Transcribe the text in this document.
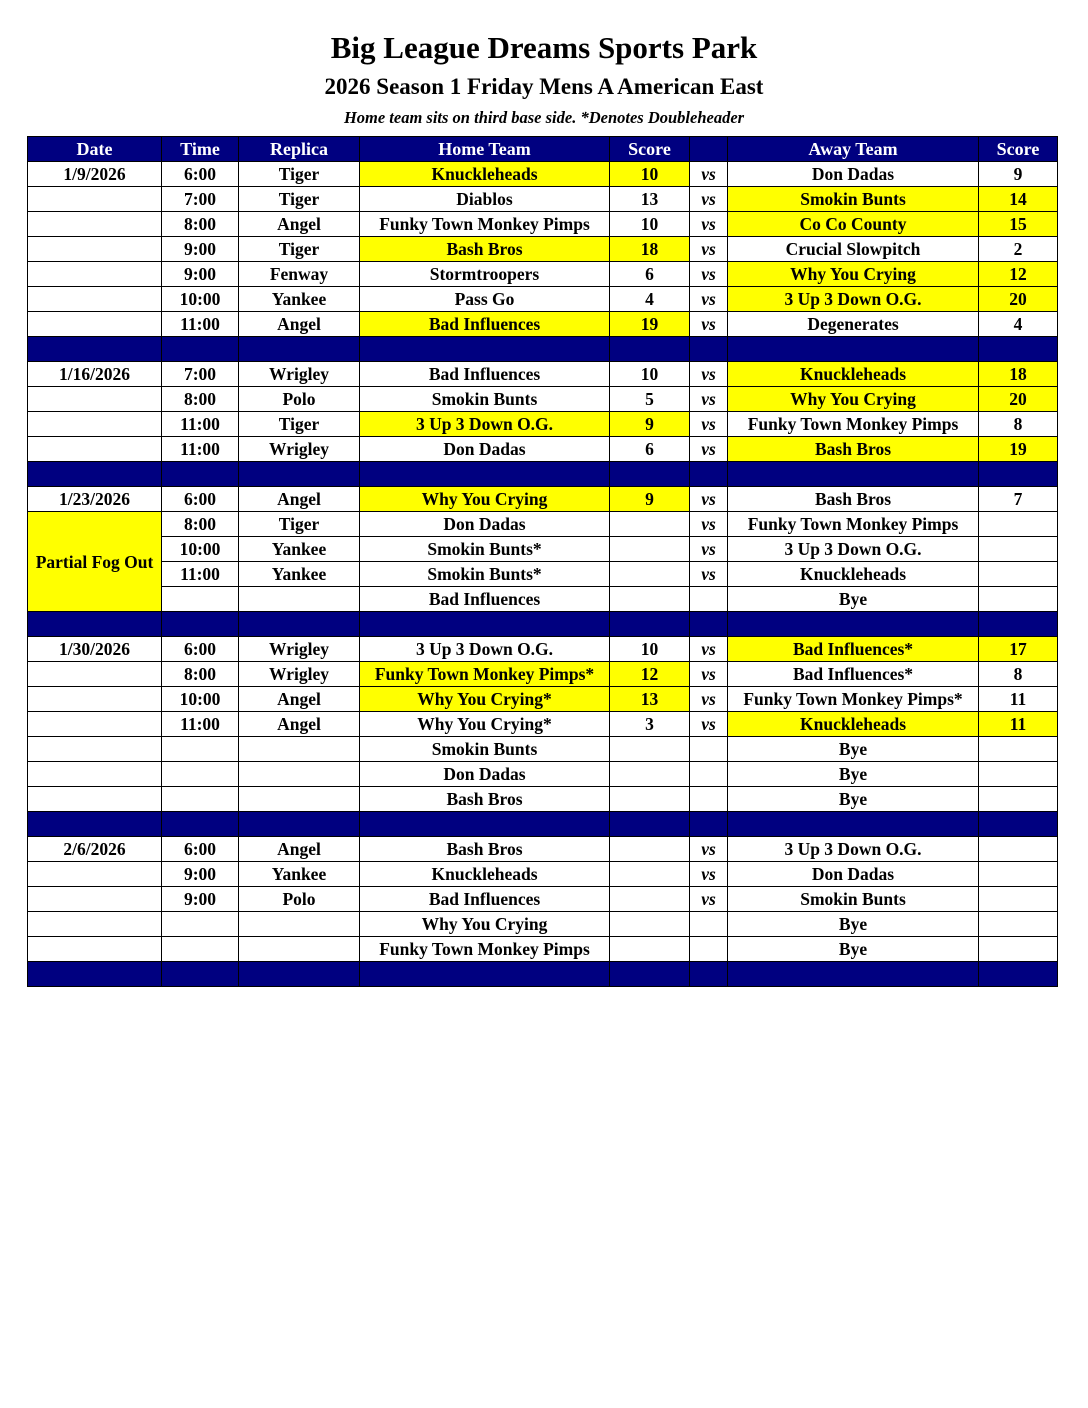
Big League Dreams Sports Park
2026 Season 1 Friday Mens A American East
Home team sits on third base side. *Denotes Doubleheader
Date	Time	Replica	Home Team	Score		Away Team	Score
1/9/2026	6:00	Tiger	Knuckleheads	10	vs	Don Dadas	9
	7:00	Tiger	Diablos	13	vs	Smokin Bunts	14
	8:00	Angel	Funky Town Monkey Pimps	10	vs	Co Co County	15
	9:00	Tiger	Bash Bros	18	vs	Crucial Slowpitch	2
	9:00	Fenway	Stormtroopers	6	vs	Why You Crying	12
	10:00	Yankee	Pass Go	4	vs	3 Up 3 Down O.G.	20
	11:00	Angel	Bad Influences	19	vs	Degenerates	4

1/16/2026	7:00	Wrigley	Bad Influences	10	vs	Knuckleheads	18
	8:00	Polo	Smokin Bunts	5	vs	Why You Crying	20
	11:00	Tiger	3 Up 3 Down O.G.	9	vs	Funky Town Monkey Pimps	8
	11:00	Wrigley	Don Dadas	6	vs	Bash Bros	19

1/23/2026	6:00	Angel	Why You Crying	9	vs	Bash Bros	7
Partial Fog Out	8:00	Tiger	Don Dadas		vs	Funky Town Monkey Pimps	
	10:00	Yankee	Smokin Bunts*		vs	3 Up 3 Down O.G.	
	11:00	Yankee	Smokin Bunts*		vs	Knuckleheads	
			Bad Influences			Bye	

1/30/2026	6:00	Wrigley	3 Up 3 Down O.G.	10	vs	Bad Influences*	17
	8:00	Wrigley	Funky Town Monkey Pimps*	12	vs	Bad Influences*	8
	10:00	Angel	Why You Crying*	13	vs	Funky Town Monkey Pimps*	11
	11:00	Angel	Why You Crying*	3	vs	Knuckleheads	11
			Smokin Bunts			Bye	
			Don Dadas			Bye	
			Bash Bros			Bye	

2/6/2026	6:00	Angel	Bash Bros		vs	3 Up 3 Down O.G.	
	9:00	Yankee	Knuckleheads		vs	Don Dadas	
	9:00	Polo	Bad Influences		vs	Smokin Bunts	
			Why You Crying			Bye	
			Funky Town Monkey Pimps			Bye	
